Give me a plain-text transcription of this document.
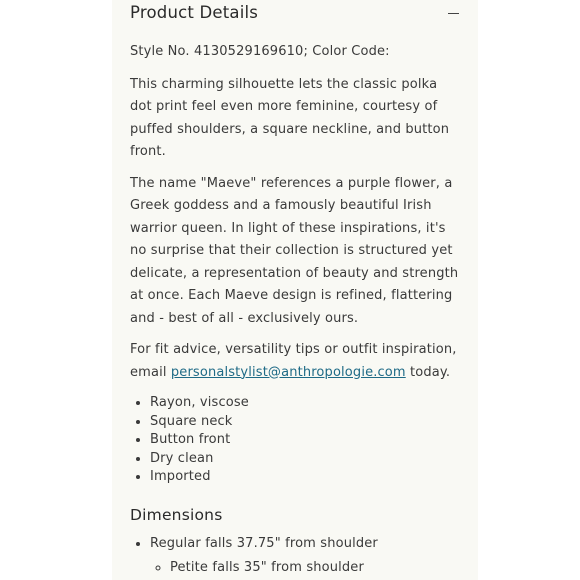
Product Details

Style No. 4130529169610; Color Code:

This charming silhouette lets the classic polka dot print feel even more feminine, courtesy of puffed shoulders, a square neckline, and button front.

The name "Maeve" references a purple flower, a Greek goddess and a famously beautiful Irish warrior queen. In light of these inspirations, it's no surprise that their collection is structured yet delicate, a representation of beauty and strength at once. Each Maeve design is refined, flattering and - best of all - exclusively ours.

For fit advice, versatility tips or outfit inspiration, email personalstylist@anthropologie.com today.

• Rayon, viscose
• Square neck
• Button front
• Dry clean
• Imported
Dimensions
• Regular falls 37.75" from shoulder
◦ Petite falls 35" from shoulder
